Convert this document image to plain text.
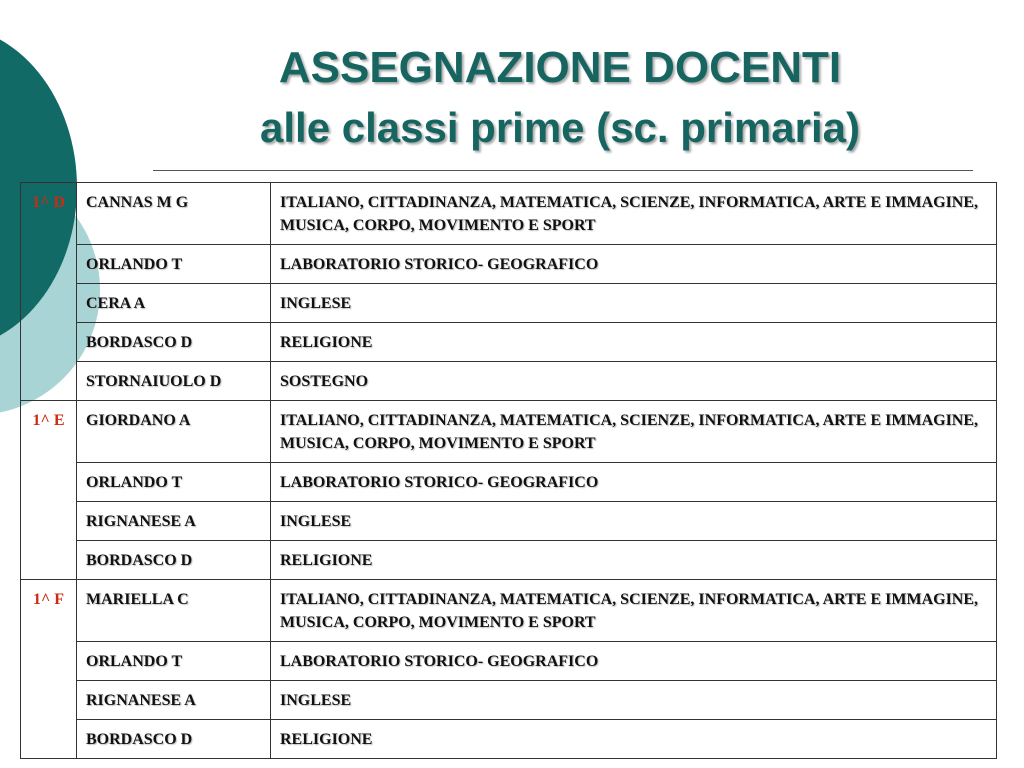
ASSEGNAZIONE DOCENTI
alle classi prime (sc. primaria)
1^ D	CANNAS M G	ITALIANO, CITTADINANZA, MATEMATICA, SCIENZE, INFORMATICA, ARTE E IMMAGINE, MUSICA, CORPO, MOVIMENTO E SPORT
	ORLANDO T	LABORATORIO STORICO- GEOGRAFICO
	CERA A	INGLESE
	BORDASCO D	RELIGIONE
	STORNAIUOLO D	SOSTEGNO
1^ E	GIORDANO A	ITALIANO, CITTADINANZA, MATEMATICA, SCIENZE, INFORMATICA, ARTE E IMMAGINE, MUSICA, CORPO, MOVIMENTO E SPORT
	ORLANDO T	LABORATORIO STORICO- GEOGRAFICO
	RIGNANESE A	INGLESE
	BORDASCO D	RELIGIONE
1^ F	MARIELLA C	ITALIANO, CITTADINANZA, MATEMATICA, SCIENZE, INFORMATICA, ARTE E IMMAGINE, MUSICA, CORPO, MOVIMENTO E SPORT
	ORLANDO T	LABORATORIO STORICO- GEOGRAFICO
	RIGNANESE A	INGLESE
	BORDASCO D	RELIGIONE
